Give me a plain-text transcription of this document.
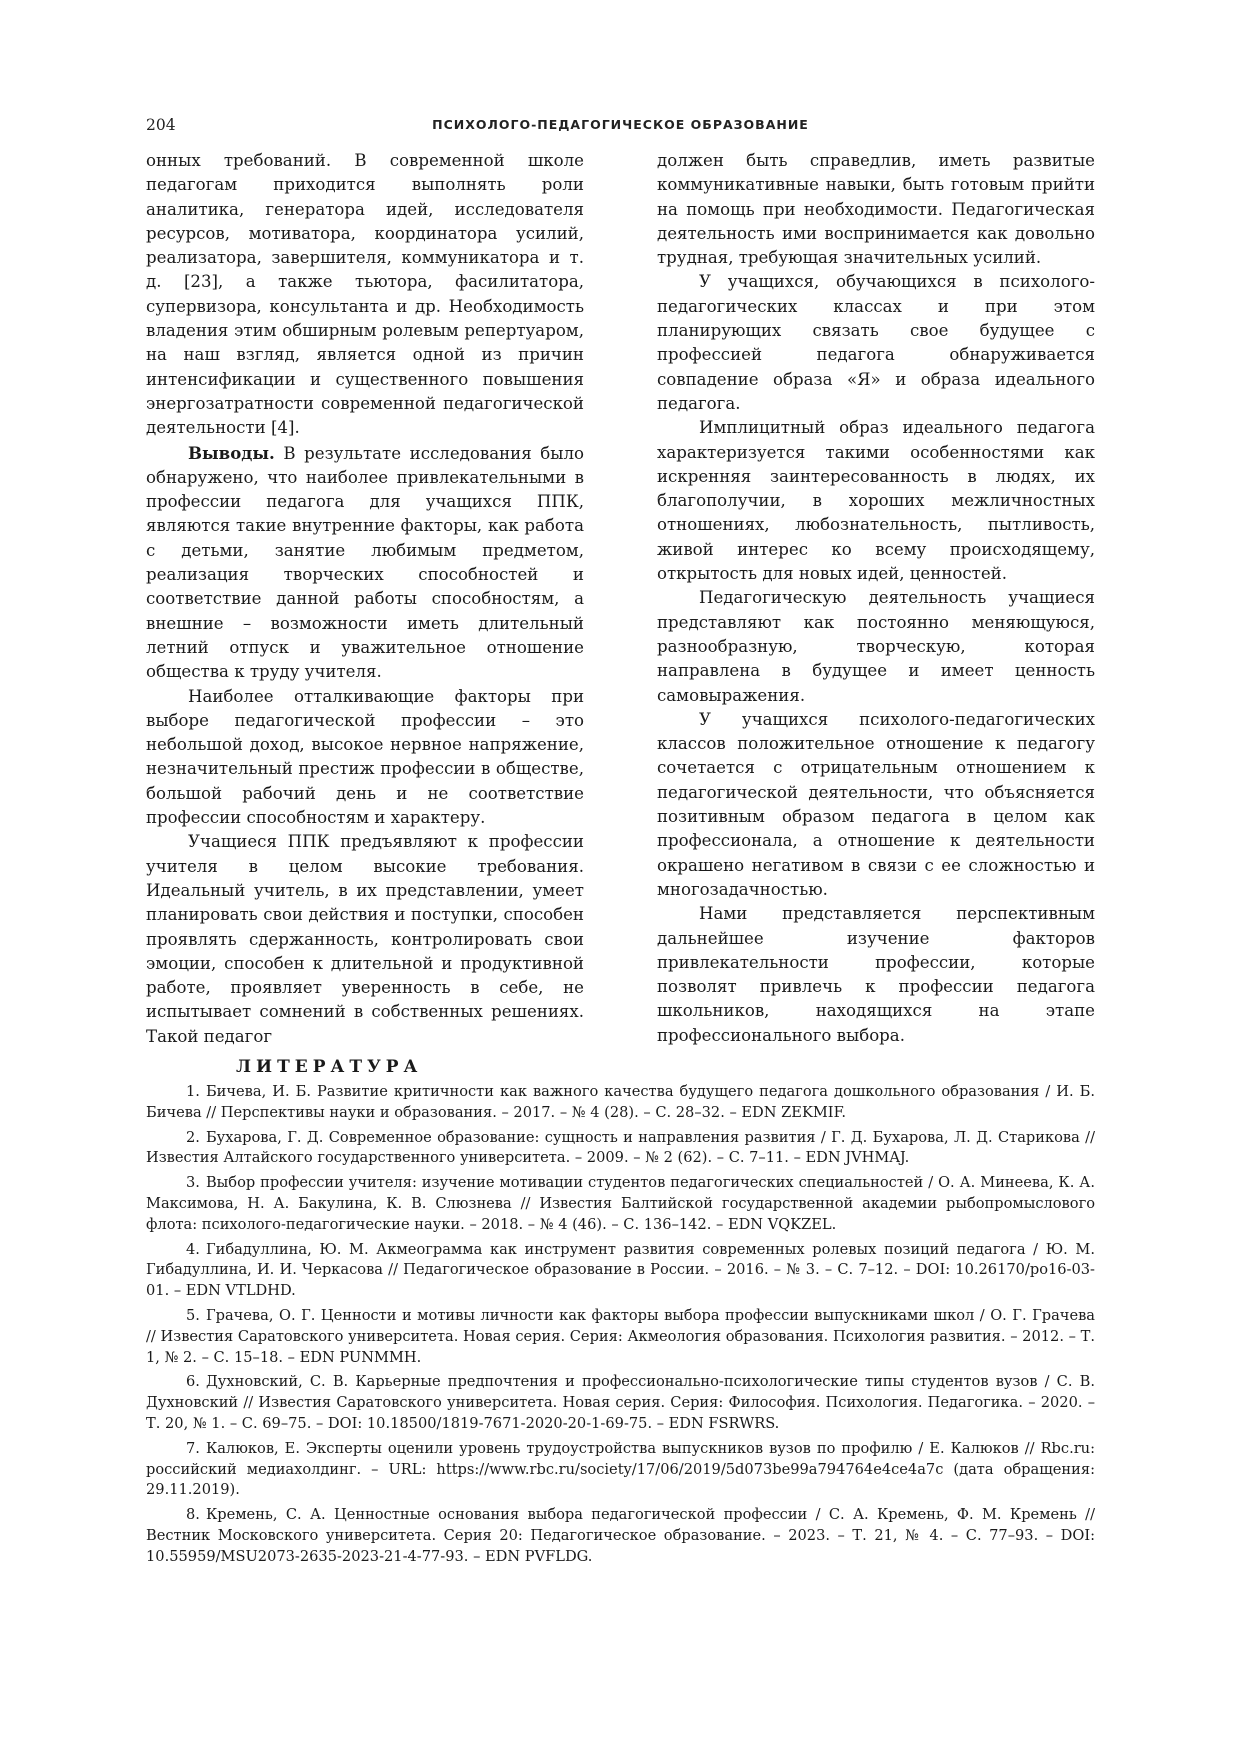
204	ПСИХОЛОГО-ПЕДАГОГИЧЕСКОЕ ОБРАЗОВАНИЕ

онных требований. В современной школе педагогам приходится выполнять роли аналитика, генератора идей, исследователя ресурсов, мотиватора, координатора усилий, реализатора, завершителя, коммуникатора и т. д. [23], а также тьютора, фасилитатора, супервизора, консультанта и др. Необходимость владения этим обширным ролевым репертуаром, на наш взгляд, является одной из причин интенсификации и существенного повышения энергозатратности современной педагогической деятельности [4].

Выводы. В результате исследования было обнаружено, что наиболее привлекательными в профессии педагога для учащихся ППК, являются такие внутренние факторы, как работа с детьми, занятие любимым предметом, реализация творческих способностей и соответствие данной работы способностям, а внешние – возможности иметь длительный летний отпуск и уважительное отношение общества к труду учителя.

Наиболее отталкивающие факторы при выборе педагогической профессии – это небольшой доход, высокое нервное напряжение, незначительный престиж профессии в обществе, большой рабочий день и не соответствие профессии способностям и характеру.

Учащиеся ППК предъявляют к профессии учителя в целом высокие требования. Идеальный учитель, в их представлении, умеет планировать свои действия и поступки, способен проявлять сдержанность, контролировать свои эмоции, способен к длительной и продуктивной работе, проявляет уверенность в себе, не испытывает сомнений в собственных решениях. Такой педагог

должен быть справедлив, иметь развитые коммуникативные навыки, быть готовым прийти на помощь при необходимости. Педагогическая деятельность ими воспринимается как довольно трудная, требующая значительных усилий.

У учащихся, обучающихся в психолого-педагогических классах и при этом планирующих связать свое будущее с профессией педагога обнаруживается совпадение образа «Я» и образа идеального педагога.

Имплицитный образ идеального педагога характеризуется такими особенностями как искренняя заинтересованность в людях, их благополучии, в хороших межличностных отношениях, любознательность, пытливость, живой интерес ко всему происходящему, открытость для новых идей, ценностей.

Педагогическую деятельность учащиеся представляют как постоянно меняющуюся, разнообразную, творческую, которая направлена в будущее и имеет ценность самовыражения.

У учащихся психолого-педагогических классов положительное отношение к педагогу сочетается с отрицательным отношением к педагогической деятельности, что объясняется позитивным образом педагога в целом как профессионала, а отношение к деятельности окрашено негативом в связи с ее сложностью и многозадачностью.

Нами представляется перспективным дальнейшее изучение факторов привлекательности профессии, которые позволят привлечь к профессии педагога школьников, находящихся на этапе профессионального выбора.

ЛИТЕРАТУРА

1. Бичева, И. Б. Развитие критичности как важного качества будущего педагога дошкольного образования / И. Б. Бичева // Перспективы науки и образования. – 2017. – № 4 (28). – С. 28–32. – EDN ZEKMIF.

2. Бухарова, Г. Д. Современное образование: сущность и направления развития / Г. Д. Бухарова, Л. Д. Старикова // Известия Алтайского государственного университета. – 2009. – № 2 (62). – С. 7–11. – EDN JVHMAJ.

3. Выбор профессии учителя: изучение мотивации студентов педагогических специальностей / О. А. Минеева, К. А. Максимова, Н. А. Бакулина, К. В. Слюзнева // Известия Балтийской государственной академии рыбопромыслового флота: психолого-педагогические науки. – 2018. – № 4 (46). – С. 136–142. – EDN VQKZEL.

4. Гибадуллина, Ю. М. Акмеограмма как инструмент развития современных ролевых позиций педагога / Ю. М. Гибадуллина, И. И. Черкасова // Педагогическое образование в России. – 2016. – № 3. – С. 7–12. – DOI: 10.26170/po16-03-01. – EDN VTLDHD.

5. Грачева, О. Г. Ценности и мотивы личности как факторы выбора профессии выпускниками школ / О. Г. Грачева // Известия Саратовского университета. Новая серия. Серия: Акмеология образования. Психология развития. – 2012. – Т. 1, № 2. – С. 15–18. – EDN PUNMMH.

6. Духновский, С. В. Карьерные предпочтения и профессионально-психологические типы студентов вузов / С. В. Духновский // Известия Саратовского университета. Новая серия. Серия: Философия. Психология. Педагогика. – 2020. – Т. 20, № 1. – С. 69–75. – DOI: 10.18500/1819-7671-2020-20-1-69-75. – EDN FSRWRS.

7. Калюков, Е. Эксперты оценили уровень трудоустройства выпускников вузов по профилю / Е. Калюков // Rbc.ru: российский медиахолдинг. – URL: https://www.rbc.ru/society/17/06/2019/5d073be99a794764e4ce4a7c (дата обращения: 29.11.2019).

8. Кремень, С. А. Ценностные основания выбора педагогической профессии / С. А. Кремень, Ф. М. Кремень // Вестник Московского университета. Серия 20: Педагогическое образование. – 2023. – Т. 21, № 4. – С. 77–93. – DOI: 10.55959/MSU2073-2635-2023-21-4-77-93. – EDN PVFLDG.
